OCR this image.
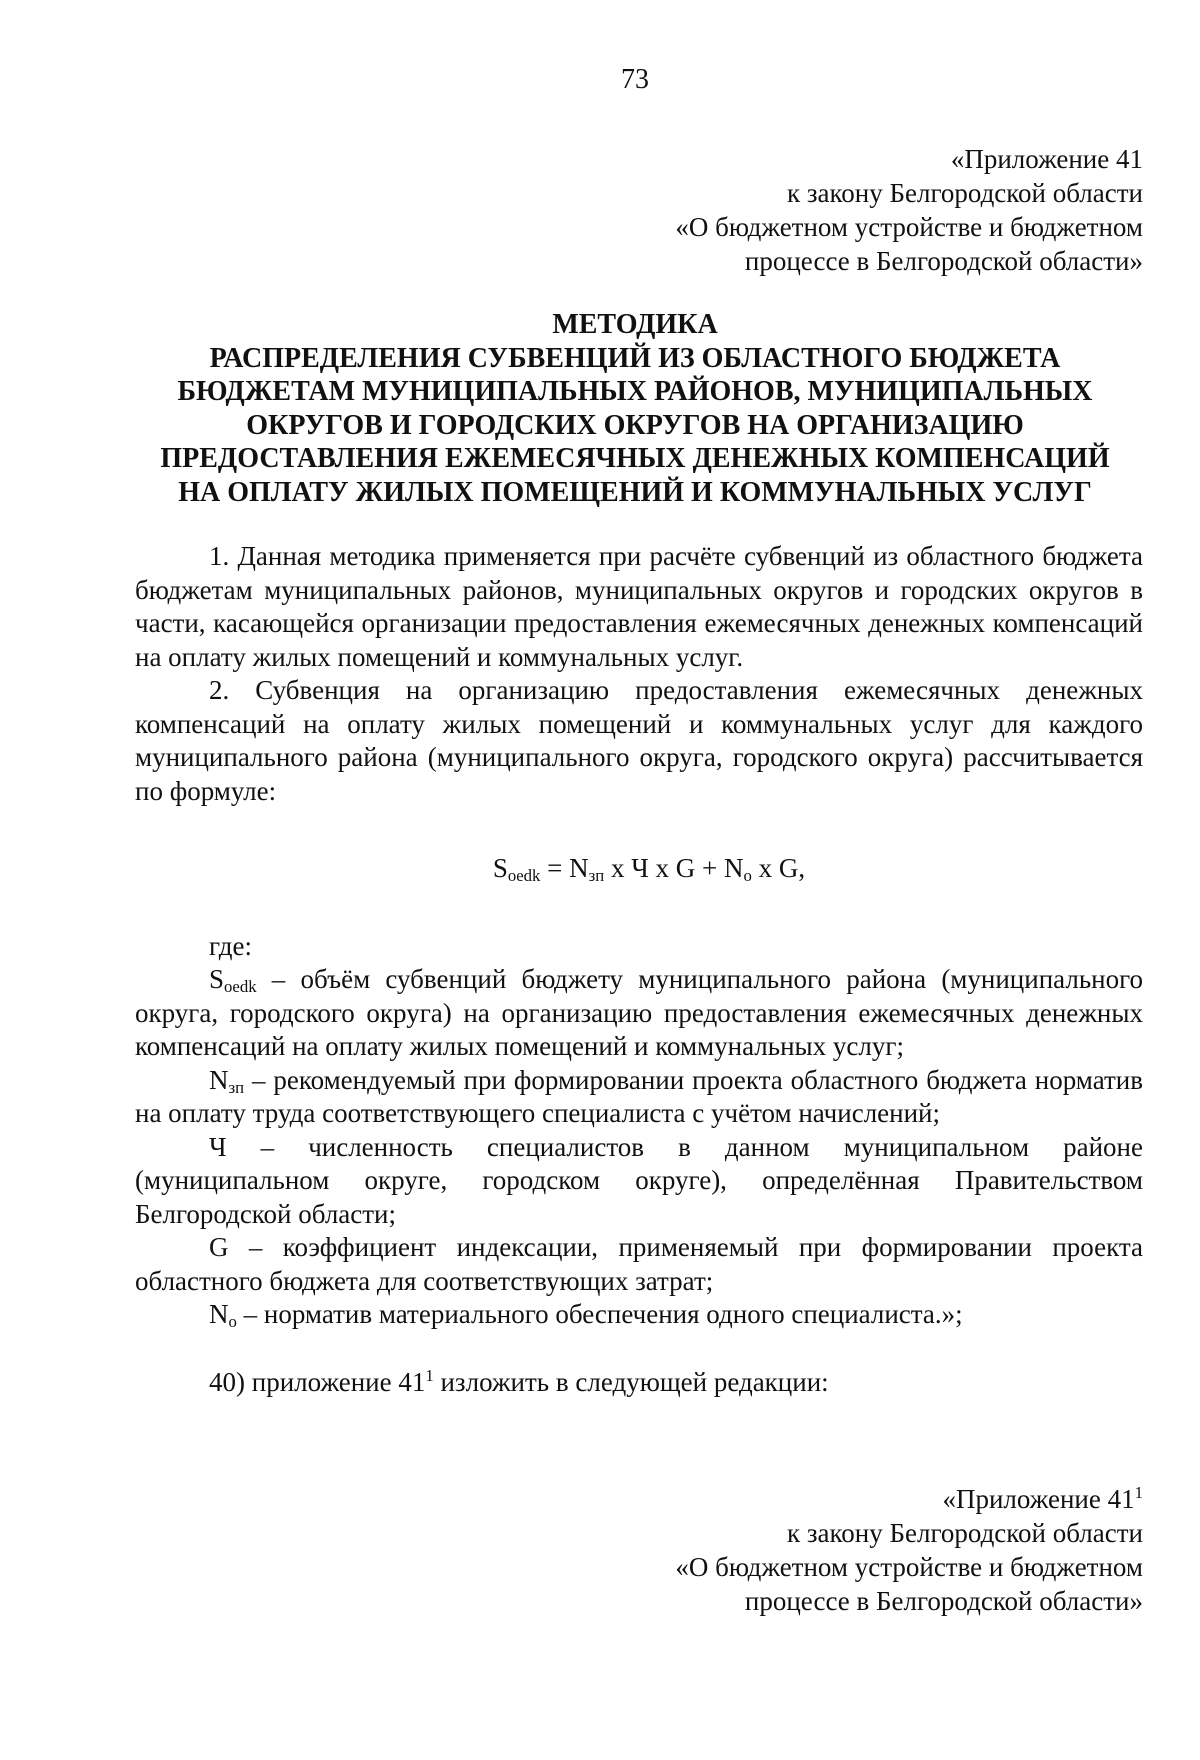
73
«Приложение 41
к закону Белгородской области
«О бюджетном устройстве и бюджетном
процессе в Белгородской области»
МЕТОДИКА
РАСПРЕДЕЛЕНИЯ СУБВЕНЦИЙ ИЗ ОБЛАСТНОГО БЮДЖЕТА
БЮДЖЕТАМ МУНИЦИПАЛЬНЫХ РАЙОНОВ, МУНИЦИПАЛЬНЫХ
ОКРУГОВ И ГОРОДСКИХ ОКРУГОВ НА ОРГАНИЗАЦИЮ
ПРЕДОСТАВЛЕНИЯ ЕЖЕМЕСЯЧНЫХ ДЕНЕЖНЫХ КОМПЕНСАЦИЙ
НА ОПЛАТУ ЖИЛЫХ ПОМЕЩЕНИЙ И КОММУНАЛЬНЫХ УСЛУГ

1. Данная методика применяется при расчёте субвенций из областного бюджета бюджетам муниципальных районов, муниципальных округов и городских округов в части, касающейся организации предоставления ежемесячных денежных компенсаций на оплату жилых помещений и коммунальных услуг.

2. Субвенция на организацию предоставления ежемесячных денежных компенсаций на оплату жилых помещений и коммунальных услуг для каждого муниципального района (муниципального округа, городского округа) рассчитывается по формуле:

$S_{oedk} = N_{зп}$ x Ч x $G + N_o$ x G,

где:

$S_{oedk}$ – объём субвенций бюджету муниципального района (муниципального округа, городского округа) на организацию предоставления ежемесячных денежных компенсаций на оплату жилых помещений и коммунальных услуг;

$N_{зп}$ – рекомендуемый при формировании проекта областного бюджета норматив на оплату труда соответствующего специалиста с учётом начислений;

Ч – численность специалистов в данном муниципальном районе (муниципальном округе, городском округе), определённая Правительством Белгородской области;

G – коэффициент индексации, применяемый при формировании проекта областного бюджета для соответствующих затрат;

$N_o$ – норматив материального обеспечения одного специалиста.»;

40) приложение $41^1$ изложить в следующей редакции:

«Приложение $41^1$
к закону Белгородской области
«О бюджетном устройстве и бюджетном
процессе в Белгородской области»
